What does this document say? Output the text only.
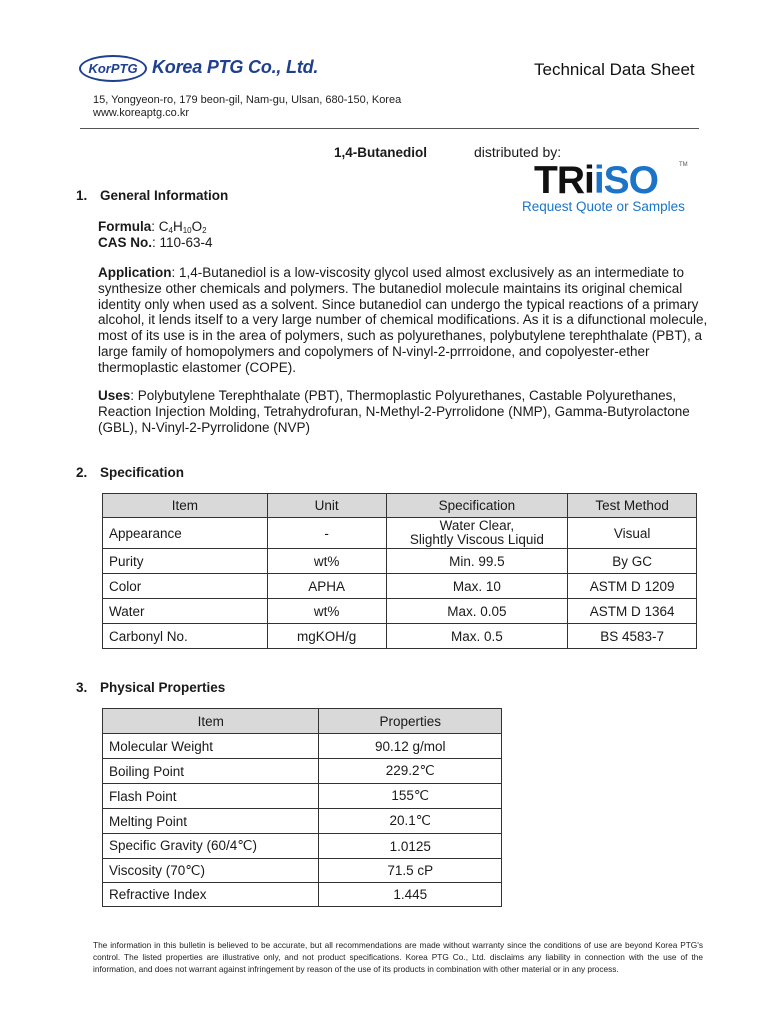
KorPTG Korea PTG Co., Ltd.	Technical Data Sheet
15, Yongyeon-ro, 179 beon-gil, Nam-gu, Ulsan, 680-150, Korea
www.koreaptg.co.kr
1,4-Butanediol	distributed by:
TRiiSO	TM
Request Quote or Samples
1. General Information
Formula: $C_4H_{10}O_2$
CAS No.: 110-63-4
Application: 1,4-Butanediol is a low-viscosity glycol used almost exclusively as an intermediate to synthesize other chemicals and polymers. The butanediol molecule maintains its original chemical identity only when used as a solvent. Since butanediol can undergo the typical reactions of a primary alcohol, it lends itself to a very large number of chemical modifications. As it is a difunctional molecule, most of its use is in the area of polymers, such as polyurethanes, polybutylene terephthalate (PBT), a large family of homopolymers and copolymers of N-vinyl-2-prrroidone, and copolyester-ether thermoplastic elastomer (COPE).
Uses: Polybutylene Terephthalate (PBT), Thermoplastic Polyurethanes, Castable Polyurethanes, Reaction Injection Molding, Tetrahydrofuran, N-Methyl-2-Pyrrolidone (NMP), Gamma-Butyrolactone (GBL), N-Vinyl-2-Pyrrolidone (NVP)
2. Specification
Item	Unit	Specification	Test Method
Appearance	-	Water Clear,
Slightly Viscous Liquid	Visual
Purity	wt%	Min. 99.5	By GC
Color	APHA	Max. 10	ASTM D 1209
Water	wt%	Max. 0.05	ASTM D 1364
Carbonyl No.	mgKOH/g	Max. 0.5	BS 4583-7
3. Physical Properties
Item	Properties
Molecular Weight	90.12 g/mol
Boiling Point	229.2℃
Flash Point	155℃
Melting Point	20.1℃
Specific Gravity (60/4℃)	1.0125
Viscosity (70℃)	71.5 cP
Refractive Index	1.445
The information in this bulletin is believed to be accurate, but all recommendations are made without warranty since the conditions of use are beyond Korea PTG's control. The listed properties are illustrative only, and not product specifications. Korea PTG Co., Ltd. disclaims any liability in connection with the use of the information, and does not warrant against infringement by reason of the use of its products in combination with other material or in any process.
